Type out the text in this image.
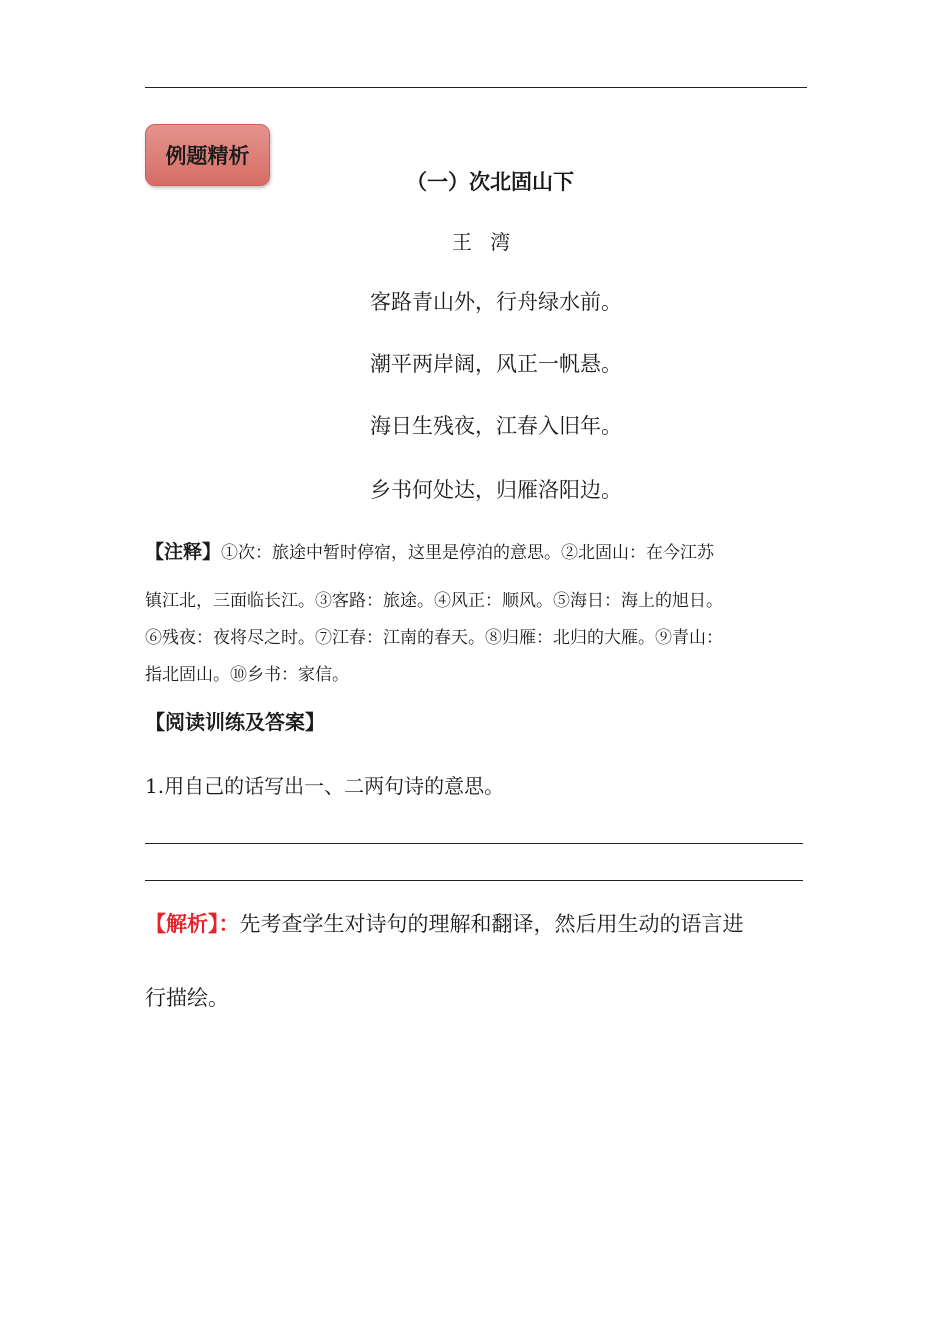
例题精析
（一）次北固山下
王 湾
客路青山外，行舟绿水前。
潮平两岸阔，风正一帆悬。
海日生残夜，江春入旧年。
乡书何处达，归雁洛阳边。

【注释】①次：旅途中暂时停宿，这里是停泊的意思。②北固山：在今江苏

镇江北，三面临长江。③客路：旅途。④风正：顺风。⑤海日：海上的旭日。

⑥残夜：夜将尽之时。⑦江春：江南的春天。⑧归雁：北归的大雁。⑨青山：

指北固山。⑩乡书：家信。

【阅读训练及答案】
1.用自己的话写出一、二两句诗的意思。

【解析】：先考查学生对诗句的理解和翻译，然后用生动的语言进

行描绘。
